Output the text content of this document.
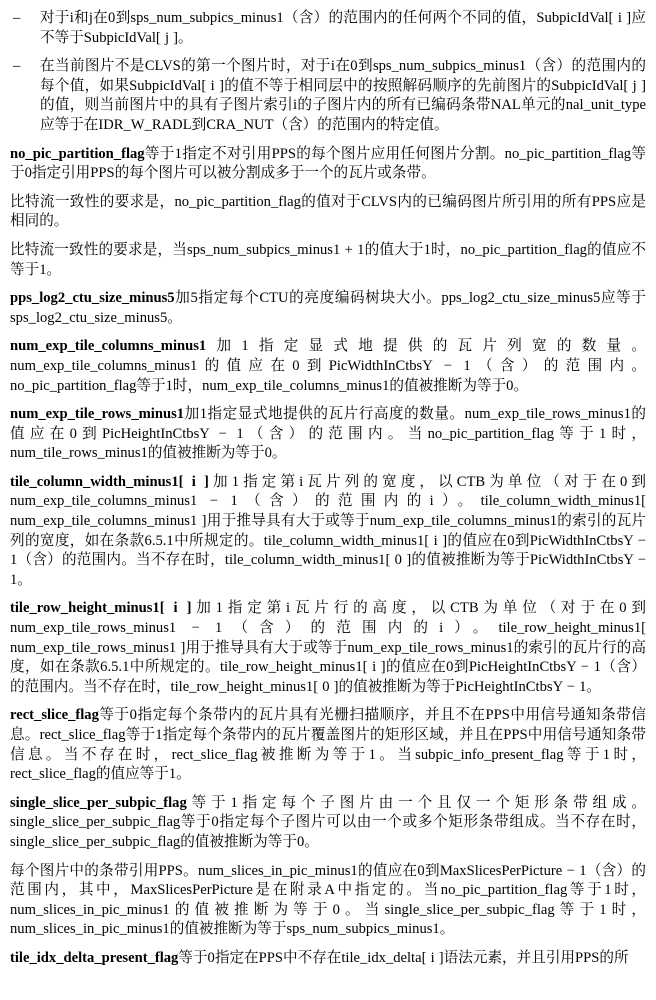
– 对于i和j在0到sps_num_subpics_minus1（含）的范围内的任何两个不同的值，SubpicIdVal[ i ]应不等于SubpicIdVal[ j ]。

– 在当前图片不是CLVS的第一个图片时，对于i在0到sps_num_subpics_minus1（含）的范围内的每个值，如果SubpicIdVal[ i ]的值不等于相同层中的按照解码顺序的先前图片的SubpicIdVal[ j ]的值，则当前图片中的具有子图片索引i的子图片内的所有已编码条带NAL单元的nal_unit_type应等于在IDR_W_RADL到CRA_NUT（含）的范围内的特定值。

no_pic_partition_flag等于1指定不对引用PPS的每个图片应用任何图片分割。no_pic_partition_flag等于0指定引用PPS的每个图片可以被分割成多于一个的瓦片或条带。

比特流一致性的要求是，no_pic_partition_flag的值对于CLVS内的已编码图片所引用的所有PPS应是相同的。

比特流一致性的要求是，当sps_num_subpics_minus1 + 1的值大于1时，no_pic_partition_flag的值应不等于1。

pps_log2_ctu_size_minus5加5指定每个CTU的亮度编码树块大小。pps_log2_ctu_size_minus5应等于sps_log2_ctu_size_minus5。

num_exp_tile_columns_minus1加1指定显式地提供的瓦片列宽的数量。num_exp_tile_columns_minus1的值应在0到PicWidthInCtbsY − 1（含）的范围内。no_pic_partition_flag等于1时，num_exp_tile_columns_minus1的值被推断为等于0。

num_exp_tile_rows_minus1加1指定显式地提供的瓦片行高度的数量。num_exp_tile_rows_minus1的值应在0到PicHeightInCtbsY − 1（含）的范围内。当no_pic_partition_flag等于1时，num_tile_rows_minus1的值被推断为等于0。

tile_column_width_minus1[ i ]加1指定第i瓦片列的宽度，以CTB为单位（对于在0到num_exp_tile_columns_minus1 − 1（含）的范围内的i）。tile_column_width_minus1[ num_exp_tile_columns_minus1 ]用于推导具有大于或等于num_exp_tile_columns_minus1的索引的瓦片列的宽度，如在条款6.5.1中所规定的。tile_column_width_minus1[ i ]的值应在0到PicWidthInCtbsY − 1（含）的范围内。当不存在时，tile_column_width_minus1[ 0 ]的值被推断为等于PicWidthInCtbsY − 1。

tile_row_height_minus1[ i ]加1指定第i瓦片行的高度，以CTB为单位（对于在0到num_exp_tile_rows_minus1 − 1（含）的范围内的i）。tile_row_height_minus1[ num_exp_tile_rows_minus1 ]用于推导具有大于或等于num_exp_tile_rows_minus1的索引的瓦片行的高度，如在条款6.5.1中所规定的。tile_row_height_minus1[ i ]的值应在0到PicHeightInCtbsY − 1（含）的范围内。当不存在时，tile_row_height_minus1[ 0 ]的值被推断为等于PicHeightInCtbsY − 1。

rect_slice_flag等于0指定每个条带内的瓦片具有光栅扫描顺序，并且不在PPS中用信号通知条带信息。rect_slice_flag等于1指定每个条带内的瓦片覆盖图片的矩形区域，并且在PPS中用信号通知条带信息。当不存在时，rect_slice_flag被推断为等于1。当subpic_info_present_flag等于1时，rect_slice_flag的值应等于1。

single_slice_per_subpic_flag等于1指定每个子图片由一个且仅一个矩形条带组成。single_slice_per_subpic_flag等于0指定每个子图片可以由一个或多个矩形条带组成。当不存在时，single_slice_per_subpic_flag的值被推断为等于0。

每个图片中的条带引用PPS。num_slices_in_pic_minus1的值应在0到MaxSlicesPerPicture − 1（含）的范围内，其中，MaxSlicesPerPicture是在附录A中指定的。当no_pic_partition_flag等于1时，num_slices_in_pic_minus1的值被推断为等于0。当single_slice_per_subpic_flag等于1时，num_slices_in_pic_minus1的值被推断为等于sps_num_subpics_minus1。

tile_idx_delta_present_flag等于0指定在PPS中不存在tile_idx_delta[ i ]语法元素，并且引用PPS的所
